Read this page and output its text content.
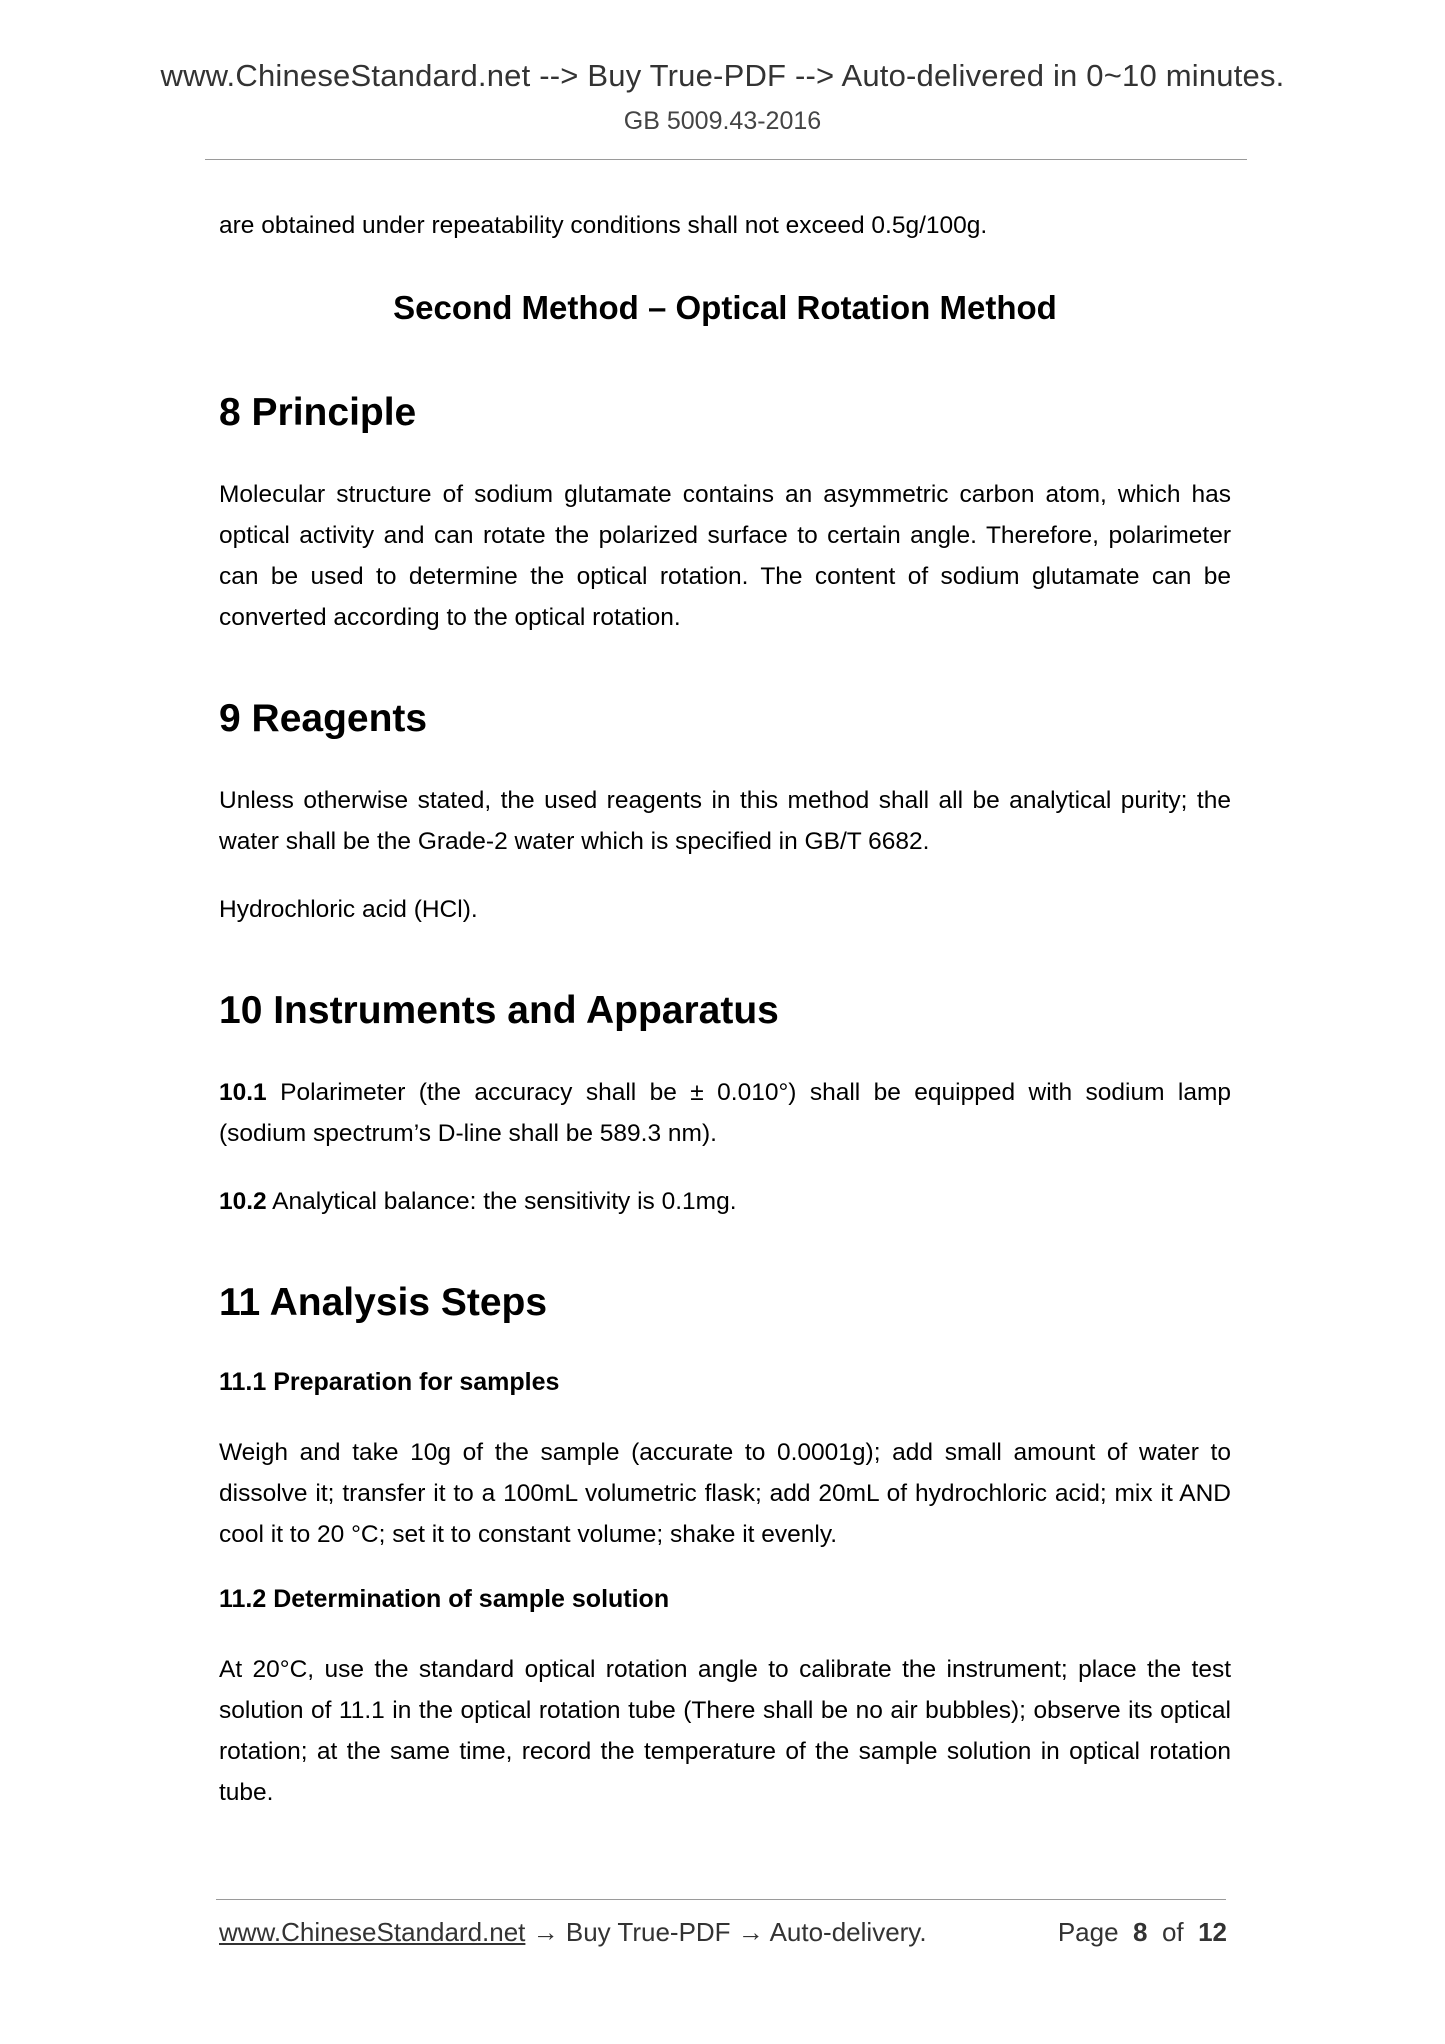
www.ChineseStandard.net --> Buy True-PDF --> Auto-delivered in 0~10 minutes.
GB 5009.43-2016

are obtained under repeatability conditions shall not exceed 0.5g/100g.

Second Method – Optical Rotation Method
8 Principle

Molecular structure of sodium glutamate contains an asymmetric carbon atom, which has optical activity and can rotate the polarized surface to certain angle. Therefore, polarimeter can be used to determine the optical rotation. The content of sodium glutamate can be converted according to the optical rotation.

9 Reagents

Unless otherwise stated, the used reagents in this method shall all be analytical purity; the water shall be the Grade-2 water which is specified in GB/T 6682.

Hydrochloric acid (HCl).

10 Instruments and Apparatus

10.1 Polarimeter (the accuracy shall be ± 0.010°) shall be equipped with sodium lamp (sodium spectrum’s D-line shall be 589.3 nm).

10.2 Analytical balance: the sensitivity is 0.1mg.

11 Analysis Steps
11.1 Preparation for samples

Weigh and take 10g of the sample (accurate to 0.0001g); add small amount of water to dissolve it; transfer it to a 100mL volumetric flask; add 20mL of hydrochloric acid; mix it AND cool it to 20 °C; set it to constant volume; shake it evenly.

11.2 Determination of sample solution

At 20°C, use the standard optical rotation angle to calibrate the instrument; place the test solution of 11.1 in the optical rotation tube (There shall be no air bubbles); observe its optical rotation; at the same time, record the temperature of the sample solution in optical rotation tube.

www.ChineseStandard.net → Buy True-PDF → Auto-delivery.	Page 8 of 12
